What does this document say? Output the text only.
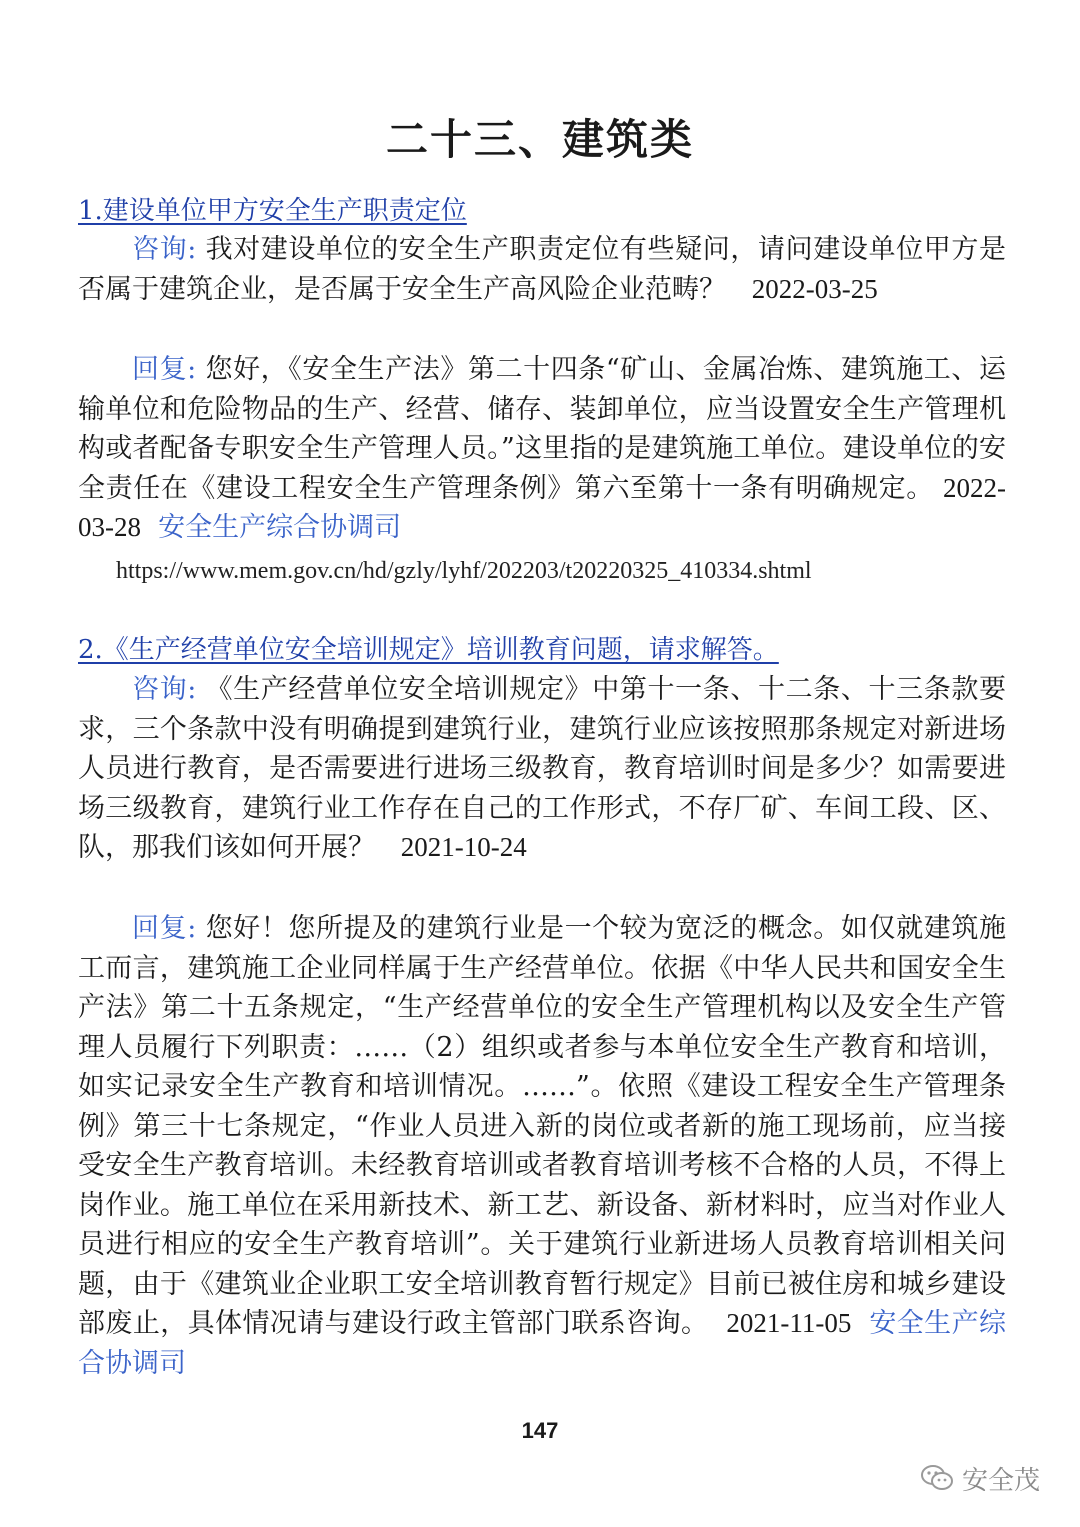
二十三、建筑类
1.建设单位甲方安全生产职责定位

咨询: 我对建设单位的安全生产职责定位有些疑问，请问建设单位甲方是否属于建筑企业，是否属于安全生产高风险企业范畴？ 2022-03-25

回复: 您好，《安全生产法》第二十四条“矿山、金属冶炼、建筑施工、运输单位和危险物品的生产、经营、储存、装卸单位，应当设置安全生产管理机构或者配备专职安全生产管理人员。”这里指的是建筑施工单位。建设单位的安全责任在《建设工程安全生产管理条例》第六至第十一条有明确规定。 2022-03-28 安全生产综合协调司

https://www.mem.gov.cn/hd/gzly/lyhf/202203/t20220325_410334.shtml
2.《生产经营单位安全培训规定》培训教育问题，请求解答。

咨询: 《生产经营单位安全培训规定》中第十一条、十二条、十三条款要求，三个条款中没有明确提到建筑行业，建筑行业应该按照那条规定对新进场人员进行教育，是否需要进行进场三级教育，教育培训时间是多少？如需要进场三级教育，建筑行业工作存在自己的工作形式，不存厂矿、车间工段、区、队，那我们该如何开展？ 2021-10-24

回复: 您好！您所提及的建筑行业是一个较为宽泛的概念。如仅就建筑施工而言，建筑施工企业同样属于生产经营单位。依据《中华人民共和国安全生产法》第二十五条规定，“生产经营单位的安全生产管理机构以及安全生产管理人员履行下列职责：……（2）组织或者参与本单位安全生产教育和培训，如实记录安全生产教育和培训情况。……”。依照《建设工程安全生产管理条例》第三十七条规定，“作业人员进入新的岗位或者新的施工现场前，应当接受安全生产教育培训。未经教育培训或者教育培训考核不合格的人员，不得上岗作业。施工单位在采用新技术、新工艺、新设备、新材料时，应当对作业人员进行相应的安全生产教育培训”。关于建筑行业新进场人员教育培训相关问题，由于《建筑业企业职工安全培训教育暂行规定》目前已被住房和城乡建设部废止，具体情况请与建设行政主管部门联系咨询。 2021-11-05 安全生产综合协调司

147
安全茂
